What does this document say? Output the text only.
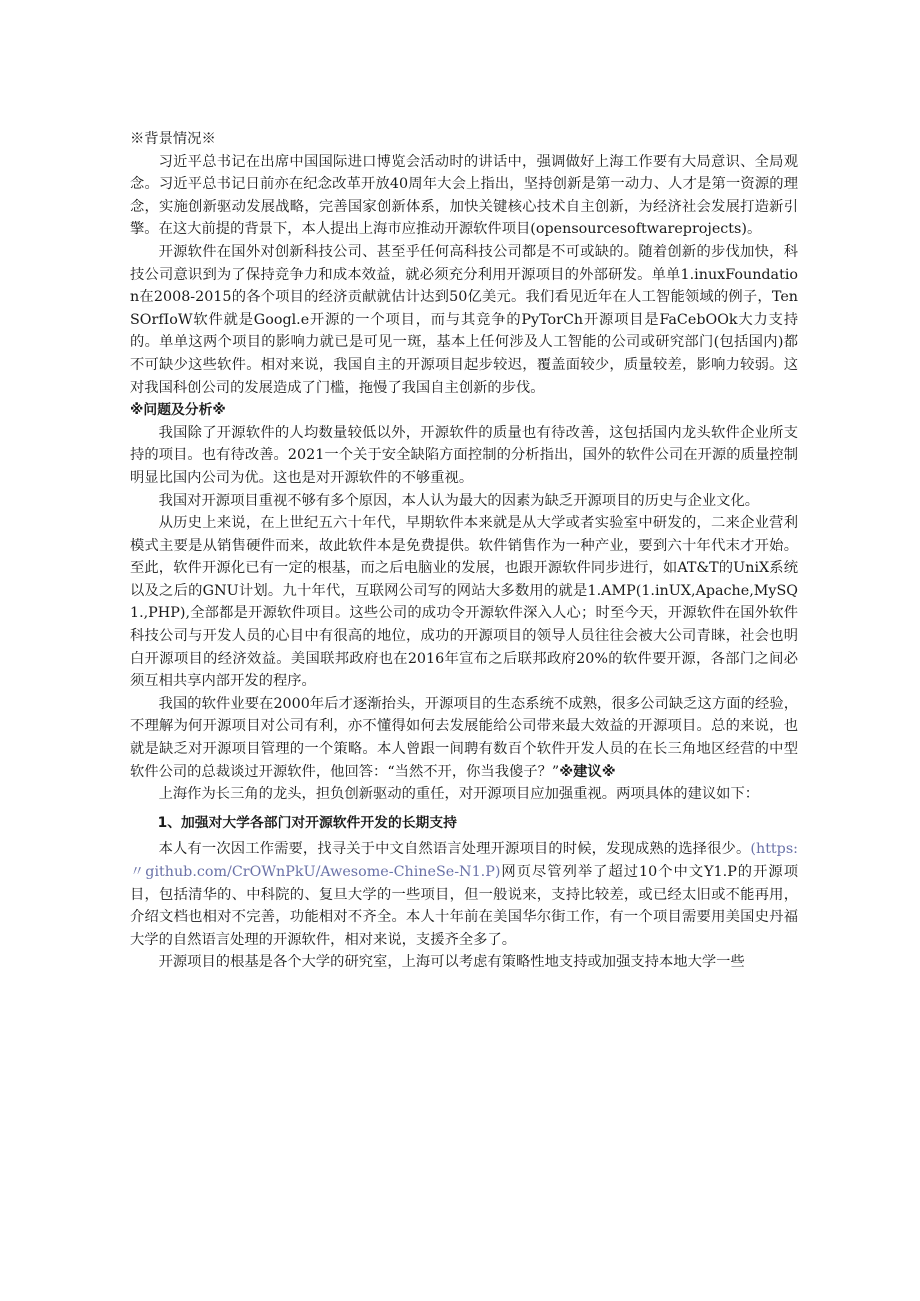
※背景情况※

习近平总书记在出席中国国际进口博览会活动时的讲话中，强调做好上海工作要有大局意识、全局观念。习近平总书记日前亦在纪念改革开放40周年大会上指出，坚持创新是第一动力、人才是第一资源的理念，实施创新驱动发展战略，完善国家创新体系，加快关键核心技术自主创新，为经济社会发展打造新引擎。在这大前提的背景下，本人提出上海市应推动开源软件项目(opensourcesoftwareprojects)。

开源软件在国外对创新科技公司、甚至乎任何高科技公司都是不可或缺的。随着创新的步伐加快，科技公司意识到为了保持竞争力和成本效益，就必须充分利用开源项目的外部研发。单单1.inuxFoundation在2008-2015的各个项目的经济贡献就估计达到50亿美元。我们看见近年在人工智能领域的例子，TenSOrfIoW软件就是Googl.e开源的一个项目，而与其竞争的PyTorCh开源项目是FaCebOOk大力支持的。单单这两个项目的影响力就已是可见一斑，基本上任何涉及人工智能的公司或研究部门(包括国内)都不可缺少这些软件。相对来说，我国自主的开源项目起步较迟，覆盖面较少，质量较差，影响力较弱。这对我国科创公司的发展造成了门槛，拖慢了我国自主创新的步伐。

※问题及分析※

我国除了开源软件的人均数量较低以外，开源软件的质量也有待改善，这包括国内龙头软件企业所支持的项目。也有待改善。2021一个关于安全缺陷方面控制的分析指出，国外的软件公司在开源的质量控制明显比国内公司为优。这也是对开源软件的不够重视。

我国对开源项目重视不够有多个原因，本人认为最大的因素为缺乏开源项目的历史与企业文化。

从历史上来说，在上世纪五六十年代，早期软件本来就是从大学或者实验室中研发的，二来企业营利模式主要是从销售硬件而来，故此软件本是免费提供。软件销售作为一种产业，要到六十年代末才开始。至此，软件开源化已有一定的根基，而之后电脑业的发展，也跟开源软件同步进行，如AT&T的UniX系统以及之后的GNU计划。九十年代，互联网公司写的网站大多数用的就是1.AMP(1.inUX,Apache,MySQ1.,PHP),全部都是开源软件项目。这些公司的成功令开源软件深入人心；时至今天，开源软件在国外软件科技公司与开发人员的心目中有很高的地位，成功的开源项目的领导人员往往会被大公司青睐，社会也明白开源项目的经济效益。美国联邦政府也在2016年宣布之后联邦政府20%的软件要开源，各部门之间必须互相共享内部开发的程序。

我国的软件业要在2000年后才逐渐抬头，开源项目的生态系统不成熟，很多公司缺乏这方面的经验，不理解为何开源项目对公司有利，亦不懂得如何去发展能给公司带来最大效益的开源项目。总的来说，也就是缺乏对开源项目管理的一个策略。本人曾跟一间聘有数百个软件开发人员的在长三角地区经营的中型软件公司的总裁谈过开源软件，他回答：“当然不开，你当我傻子？”※建议※

上海作为长三角的龙头，担负创新驱动的重任，对开源项目应加强重视。两项具体的建议如下：

1、加强对大学各部门对开源软件开发的长期支持

本人有一次因工作需要，找寻关于中文自然语言处理开源项目的时候，发现成熟的选择很少。(https:〃github.com/CrOWnPkU/Awesome-ChineSe-N1.P)网页尽管列举了超过10个中文Y1.P的开源项目，包括清华的、中科院的、复旦大学的一些项目，但一般说来，支持比较差，或已经太旧或不能再用，介绍文档也相对不完善，功能相对不齐全。本人十年前在美国华尔街工作，有一个项目需要用美国史丹福大学的自然语言处理的开源软件，相对来说，支援齐全多了。

开源项目的根基是各个大学的研究室，上海可以考虑有策略性地支持或加强支持本地大学一些
